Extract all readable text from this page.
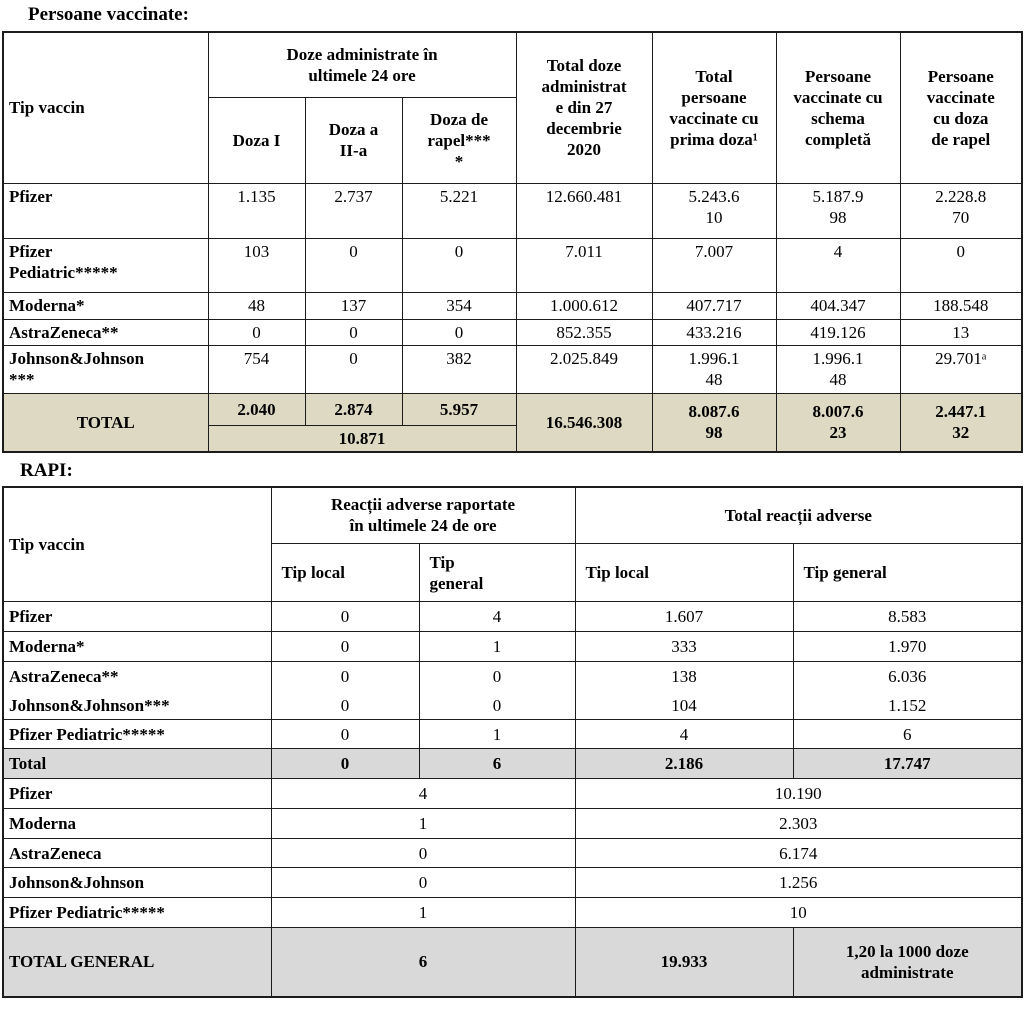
Persoane vaccinate:
Tip vaccin	Doze administrate în ultimele 24 ore			Total doze administrate din 27 decembrie 2020	Total persoane vaccinate cu prima doza¹	Persoane vaccinate cu schema completă	Persoane vaccinate cu doza de rapel

	Doza I	Doza a II-a	Doza de rapel****				

Pfizer	1.135	2.737	5.221	12.660.481	5.243.610	5.187.998	2.228.870

Pfizer Pediatric*****	103	0	0	7.011	7.007	4	0

Moderna*	48	137	354	1.000.612	407.717	404.347	188.548

AstraZeneca**	0	0	0	852.355	433.216	419.126	13

Johnson&Johnson***	754	0	382	2.025.849	1.996.148	1.996.148	29.701ᵃ

TOTAL	2.040	2.874	5.957	16.546.308	8.087.698	8.007.623	2.447.132

	10.871						
RAPI:
Tip vaccin	Reacții adverse raportate în ultimele 24 de ore		Total reacții adverse	
	Tip local	Tip general	Tip local	Tip general
Pfizer	0	4	1.607	8.583
Moderna*	0	1	333	1.970
AstraZeneca**	0	0	138	6.036
Johnson&Johnson***	0	0	104	1.152
Pfizer Pediatric*****	0	1	4	6
Total	0	6	2.186	17.747
Pfizer	4		10.190	
Moderna	1		2.303	
AstraZeneca	0		6.174	
Johnson&Johnson	0		1.256	
Pfizer Pediatric*****	1		10	
TOTAL GENERAL	6		19.933	1,20 la 1000 doze administrate
